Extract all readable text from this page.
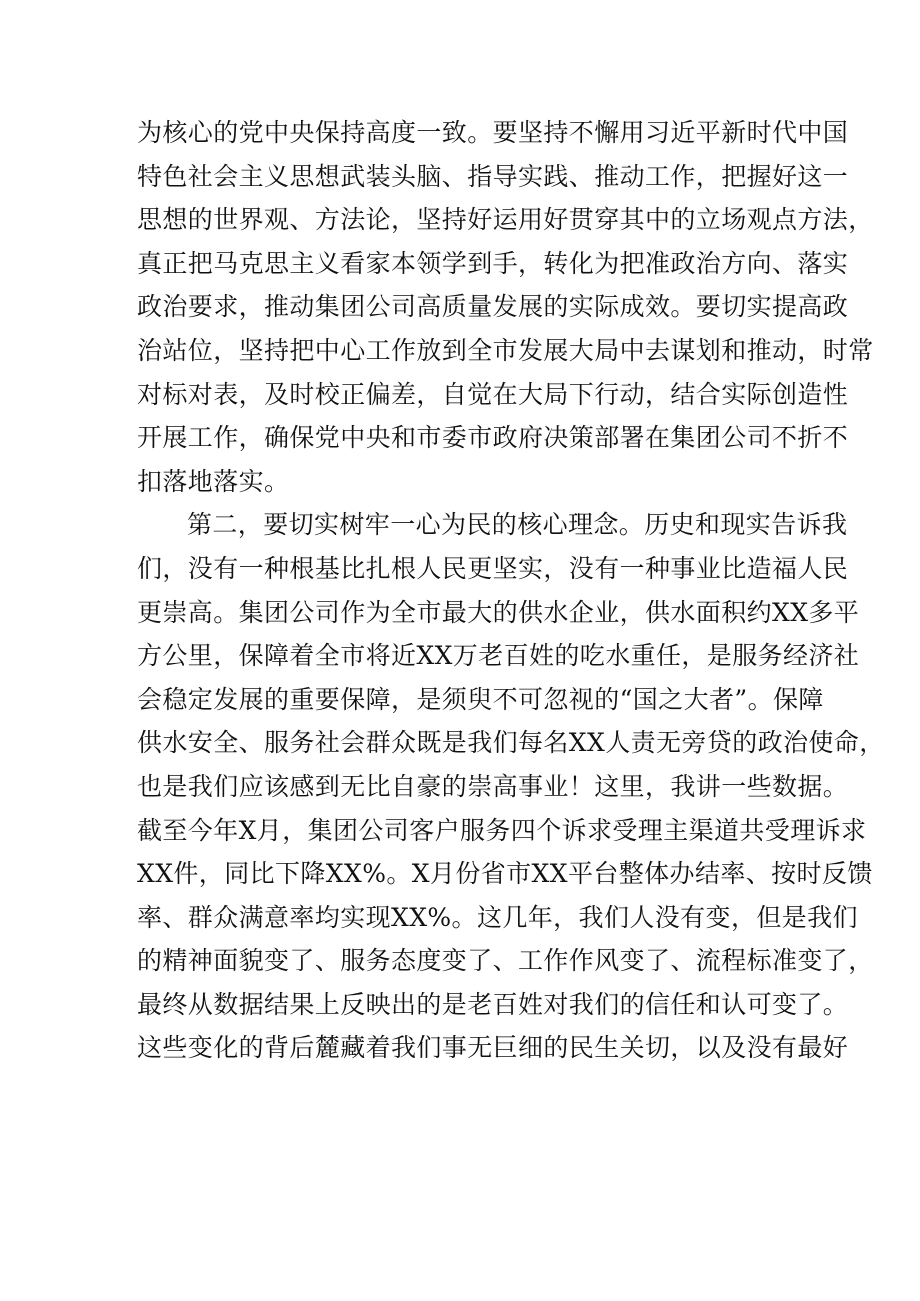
为核心的党中央保持高度一致。要坚持不懈用习近平新时代中国
特色社会主义思想武装头脑、指导实践、推动工作，把握好这一
思想的世界观、方法论，坚持好运用好贯穿其中的立场观点方法，
真正把马克思主义看家本领学到手，转化为把准政治方向、落实
政治要求，推动集团公司高质量发展的实际成效。要切实提高政
治站位，坚持把中心工作放到全市发展大局中去谋划和推动，时常
对标对表，及时校正偏差，自觉在大局下行动，结合实际创造性
开展工作，确保党中央和市委市政府决策部署在集团公司不折不
扣落地落实。
第二，要切实树牢一心为民的核心理念。历史和现实告诉我
们，没有一种根基比扎根人民更坚实，没有一种事业比造福人民
更崇高。集团公司作为全市最大的供水企业，供水面积约XX多平
方公里，保障着全市将近XX万老百姓的吃水重任，是服务经济社
会稳定发展的重要保障，是须臾不可忽视的“国之大者”。保障
供水安全、服务社会群众既是我们每名XX人责无旁贷的政治使命，
也是我们应该感到无比自豪的崇高事业！这里，我讲一些数据。
截至今年X月，集团公司客户服务四个诉求受理主渠道共受理诉求
XX件，同比下降XX%。X月份省市XX平台整体办结率、按时反馈
率、群众满意率均实现XX%。这几年，我们人没有变，但是我们
的精神面貌变了、服务态度变了、工作作风变了、流程标准变了，
最终从数据结果上反映出的是老百姓对我们的信任和认可变了。
这些变化的背后麓藏着我们事无巨细的民生关切，以及没有最好
